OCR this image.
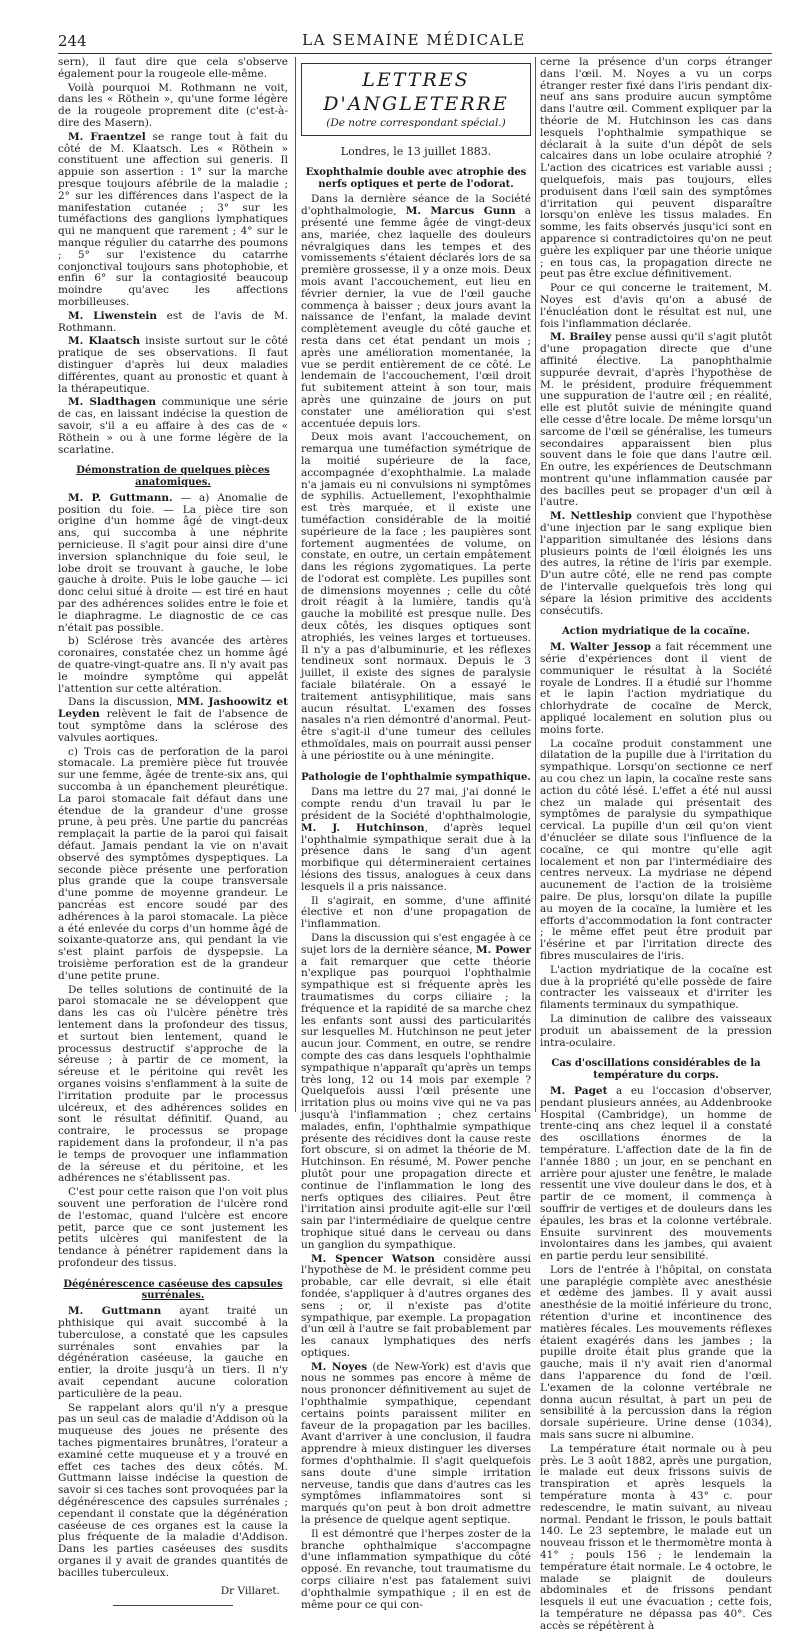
244	LA SEMAINE MÉDICALE

sern), il faut dire que cela s'observe également pour la rougeole elle-même.

Voilà pourquoi M. Rothmann ne voit, dans les « Röthein », qu'une forme légère de la rougeole proprement dite (c'est-à-dire des Masern).

M. Fraentzel se range tout à fait du côté de M. Klaatsch. Les « Röthein » constituent une affection sui generis. Il appuie son assertion : 1° sur la marche presque toujours afébrile de la maladie ; 2° sur les différences dans l'aspect de la manifestation cutanée ; 3° sur les tuméfactions des ganglions lymphatiques qui ne manquent que rarement ; 4° sur le manque régulier du catarrhe des poumons ; 5° sur l'existence du catarrhe conjonctival toujours sans photophobie, et enfin 6° sur la contagiosité beaucoup moindre qu'avec les affections morbilleuses.

M. Liwenstein est de l'avis de M. Rothmann.

M. Klaatsch insiste surtout sur le côté pratique de ses observations. Il faut distinguer d'après lui deux maladies différentes, quant au pronostic et quant à la thérapeutique.

M. Sladthagen communique une série de cas, en laissant indécise la question de savoir, s'il a eu affaire à des cas de « Röthein » ou à une forme légère de la scarlatine.

Démonstration de quelques pièces anatomiques.

M. P. Guttmann. — a) Anomalie de position du foie. — La pièce tire son origine d'un homme âgé de vingt-deux ans, qui succomba à une néphrite pernicieuse. Il s'agit pour ainsi dire d'une inversion splanchnique du foie seul, le lobe droit se trouvant à gauche, le lobe gauche à droite. Puis le lobe gauche — ici donc celui situé à droite — est tiré en haut par des adhérences solides entre le foie et le diaphragme. Le diagnostic de ce cas n'était pas possible.

b) Sclérose très avancée des artères coronaires, constatée chez un homme âgé de quatre-vingt-quatre ans. Il n'y avait pas le moindre symptôme qui appelât l'attention sur cette altération.

Dans la discussion, MM. Jashoowitz et Leyden relèvent le fait de l'absence de tout symptôme dans la sclérose des valvules aortiques.

c) Trois cas de perforation de la paroi stomacale. La première pièce fut trouvée sur une femme, âgée de trente-six ans, qui succomba à un épanchement pleurétique. La paroi stomacale fait défaut dans une étendue de la grandeur d'une grosse prune, à peu près. Une partie du pancréas remplaçait la partie de la paroi qui faisait défaut. Jamais pendant la vie on n'avait observé des symptômes dyspeptiques. La seconde pièce présente une perforation plus grande que la coupe transversale d'une pomme de moyenne grandeur. Le pancréas est encore soudé par des adhérences à la paroi stomacale. La pièce a été enlevée du corps d'un homme âgé de soixante-quatorze ans, qui pendant la vie s'est plaint parfois de dyspepsie. La troisième perforation est de la grandeur d'une petite prune.

De telles solutions de continuité de la paroi stomacale ne se développent que dans les cas où l'ulcère pénètre très lentement dans la profondeur des tissus, et surtout bien lentement, quand le processus destructif s'approche de la séreuse ; à partir de ce moment, la séreuse et le péritoine qui revêt les organes voisins s'enflamment à la suite de l'irritation produite par le processus ulcéreux, et des adhérences solides en sont le résultat définitif. Quand, au contraire, le processus se propage rapidement dans la profondeur, il n'a pas le temps de provoquer une inflammation de la séreuse et du péritoine, et les adhérences ne s'établissent pas.

C'est pour cette raison que l'on voit plus souvent une perforation de l'ulcère rond de l'estomac, quand l'ulcère est encore petit, parce que ce sont justement les petits ulcères qui manifestent de la tendance à pénétrer rapidement dans la profondeur des tissus.

Dégénérescence caséeuse des capsules surrénales.

M. Guttmann ayant traité un phthisique qui avait succombé à la tuberculose, a constaté que les capsules surrénales sont envahies par la dégénération caséeuse, la gauche en entier, la droite jusqu'à un tiers. Il n'y avait cependant aucune coloration particulière de la peau.

Se rappelant alors qu'il n'y a presque pas un seul cas de maladie d'Addison où la muqueuse des joues ne présente des taches pigmentaires brunâtres, l'orateur a examiné cette muqueuse et y a trouvé en effet ces taches des deux côtés. M. Guttmann laisse indécise la question de savoir si ces taches sont provoquées par la dégénérescence des capsules surrénales ; cependant il constate que la dégénération caséeuse de ces organes est la cause la plus fréquente de la maladie d'Addison. Dans les parties caséeuses des susdits organes il y avait de grandes quantités de bacilles tuberculeux.

Dr Villaret.
LETTRES D'ANGLETERRE
(De notre correspondant spécial.)
Londres, le 13 juillet 1883.
Exophthalmie double avec atrophie des nerfs optiques et perte de l'odorat.

Dans la dernière séance de la Société d'ophthalmologie, M. Marcus Gunn a présenté une femme âgée de vingt-deux ans, mariée, chez laquelle des douleurs névralgiques dans les tempes et des vomissements s'étaient déclarés lors de sa première grossesse, il y a onze mois. Deux mois avant l'accouchement, eut lieu en février dernier, la vue de l'œil gauche commença à baisser ; deux jours avant la naissance de l'enfant, la malade devint complètement aveugle du côté gauche et resta dans cet état pendant un mois ; après une amélioration momentanée, la vue se perdit entièrement de ce côté. Le lendemain de l'accouchement, l'œil droit fut subitement atteint à son tour, mais après une quinzaine de jours on put constater une amélioration qui s'est accentuée depuis lors.

Deux mois avant l'accouchement, on remarqua une tuméfaction symétrique de la moitié supérieure de la face, accompagnée d'exophthalmie. La malade n'a jamais eu ni convulsions ni symptômes de syphilis. Actuellement, l'exophthalmie est très marquée, et il existe une tuméfaction considérable de la moitié supérieure de la face ; les paupières sont fortement augmentées de volume, on constate, en outre, un certain empâtement dans les régions zygomatiques. La perte de l'odorat est complète. Les pupilles sont de dimensions moyennes ; celle du côté droit réagit à la lumière, tandis qu'à gauche la mobilité est presque nulle. Des deux côtés, les disques optiques sont atrophiés, les veines larges et tortueuses. Il n'y a pas d'albuminurie, et les réflexes tendineux sont normaux. Depuis le 3 juillet, il existe des signes de paralysie faciale bilatérale. On a essayé le traitement antisyphilitique, mais sans aucun résultat. L'examen des fosses nasales n'a rien démontré d'anormal. Peut-être s'agit-il d'une tumeur des cellules ethmoïdales, mais on pourrait aussi penser à une périostite ou à une méningite.

Pathologie de l'ophthalmie sympathique.

Dans ma lettre du 27 mai, j'ai donné le compte rendu d'un travail lu par le président de la Société d'ophthalmologie, M. J. Hutchinson, d'après lequel l'ophthalmie sympathique serait due à la présence dans le sang d'un agent morbifique qui détermineraient certaines lésions des tissus, analogues à ceux dans lesquels il a pris naissance.

Il s'agirait, en somme, d'une affinité élective et non d'une propagation de l'inflammation.

Dans la discussion qui s'est engagée à ce sujet lors de la dernière séance, M. Power a fait remarquer que cette théorie n'explique pas pourquoi l'ophthalmie sympathique est si fréquente après les traumatismes du corps ciliaire ; la fréquence et la rapidité de sa marche chez les enfants sont aussi des particularités sur lesquelles M. Hutchinson ne peut jeter aucun jour. Comment, en outre, se rendre compte des cas dans lesquels l'ophthalmie sympathique n'apparaît qu'après un temps très long, 12 ou 14 mois par exemple ? Quelquefois aussi l'œil présente une irritation plus ou moins vive qui ne va pas jusqu'à l'inflammation ; chez certains malades, enfin, l'ophthalmie sympathique présente des récidives dont la cause reste fort obscure, si on admet la théorie de M. Hutchinson. En résumé, M. Power penche plutôt pour une propagation directe et continue de l'inflammation le long des nerfs optiques des ciliaires. Peut être l'irritation ainsi produite agit-elle sur l'œil sain par l'intermédiaire de quelque centre trophique situé dans le cerveau ou dans un ganglion du sympathique.

M. Spencer Watson considère aussi l'hypothèse de M. le président comme peu probable, car elle devrait, si elle était fondée, s'appliquer à d'autres organes des sens ; or, il n'existe pas d'otite sympathique, par exemple. La propagation d'un œil à l'autre se fait probablement par les canaux lymphatiques des nerfs optiques.

M. Noyes (de New-York) est d'avis que nous ne sommes pas encore à même de nous prononcer définitivement au sujet de l'ophthalmie sympathique, cependant certains points paraissent militer en faveur de la propagation par les bacilles. Avant d'arriver à une conclusion, il faudra apprendre à mieux distinguer les diverses formes d'ophthalmie. Il s'agit quelquefois sans doute d'une simple irritation nerveuse, tandis que dans d'autres cas les symptômes inflammatoires sont si marqués qu'on peut à bon droit admettre la présence de quelque agent septique.

Il est démontré que l'herpes zoster de la branche ophthalmique s'accompagne d'une inflammation sympathique du côté opposé. En revanche, tout traumatisme du corps ciliaire n'est pas fatalement suivi d'ophthalmie sympathique ; il en est de même pour ce qui con-

cerne la présence d'un corps étranger dans l'œil. M. Noyes a vu un corps étranger rester fixé dans l'iris pendant dix-neuf ans sans produire aucun symptôme dans l'autre œil. Comment expliquer par la théorie de M. Hutchinson les cas dans lesquels l'ophthalmie sympathique se déclarait à la suite d'un dépôt de sels calcaires dans un lobe oculaire atrophié ? L'action des cicatrices est variable aussi ; quelquefois, mais pas toujours, elles produisent dans l'œil sain des symptômes d'irritation qui peuvent disparaître lorsqu'on enlève les tissus malades. En somme, les faits observés jusqu'ici sont en apparence si contradictoires qu'on ne peut guère les expliquer par une théorie unique ; en tous cas, la propagation directe ne peut pas être exclue définitivement.

Pour ce qui concerne le traitement, M. Noyes est d'avis qu'on a abusé de l'énucléation dont le résultat est nul, une fois l'inflammation déclarée.

M. Brailey pense aussi qu'il s'agit plutôt d'une propagation directe que d'une affinité élective. La panophthalmie suppurée devrait, d'après l'hypothèse de M. le président, produire fréquemment une suppuration de l'autre œil ; en réalité, elle est plutôt suivie de méningite quand elle cesse d'être locale. De même lorsqu'un sarcome de l'œil se généralise, les tumeurs secondaires apparaissent bien plus souvent dans le foie que dans l'autre œil. En outre, les expériences de Deutschmann montrent qu'une inflammation causée par des bacilles peut se propager d'un œil à l'autre.

M. Nettleship convient que l'hypothèse d'une injection par le sang explique bien l'apparition simultanée des lésions dans plusieurs points de l'œil éloignés les uns des autres, la rétine de l'iris par exemple. D'un autre côté, elle ne rend pas compte de l'intervalle quelquefois très long qui sépare la lésion primitive des accidents consécutifs.

Action mydriatique de la cocaïne.

M. Walter Jessop a fait récemment une série d'expériences dont il vient de communiquer le résultat à la Société royale de Londres. Il a étudié sur l'homme et le lapin l'action mydriatique du chlorhydrate de cocaïne de Merck, appliqué localement en solution plus ou moins forte.

La cocaïne produit constamment une dilatation de la pupille due à l'irritation du sympathique. Lorsqu'on sectionne ce nerf au cou chez un lapin, la cocaïne reste sans action du côté lésé. L'effet a été nul aussi chez un malade qui présentait des symptômes de paralysie du sympathique cervical. La pupille d'un œil qu'on vient d'énucléer se dilate sous l'influence de la cocaïne, ce qui montre qu'elle agit localement et non par l'intermédiaire des centres nerveux. La mydriase ne dépend aucunement de l'action de la troisième paire. De plus, lorsqu'on dilate la pupille au moyen de la cocaïne, la lumière et les efforts d'accommodation la font contracter ; le même effet peut être produit par l'ésérine et par l'irritation directe des fibres musculaires de l'iris.

L'action mydriatique de la cocaïne est due à la propriété qu'elle possède de faire contracter les vaisseaux et d'irriter les filaments terminaux du sympathique.

La diminution de calibre des vaisseaux produit un abaissement de la pression intra-oculaire.

Cas d'oscillations considérables de la température du corps.

M. Paget a eu l'occasion d'observer, pendant plusieurs années, au Addenbrooke Hospital (Cambridge), un homme de trente-cinq ans chez lequel il a constaté des oscillations énormes de la température. L'affection date de la fin de l'année 1880 ; un jour, en se penchant en arrière pour ajuster une fenêtre, le malade ressentit une vive douleur dans le dos, et à partir de ce moment, il commença à souffrir de vertiges et de douleurs dans les épaules, les bras et la colonne vertébrale. Ensuite survinrent des mouvements involontaires dans les jambes, qui avaient en partie perdu leur sensibilité.

Lors de l'entrée à l'hôpital, on constata une paraplégie complète avec anesthésie et œdème des jambes. Il y avait aussi anesthésie de la moitié inférieure du tronc, rétention d'urine et incontinence des matières fécales. Les mouvements réflexes étaient exagérés dans les jambes ; la pupille droite était plus grande que la gauche, mais il n'y avait rien d'anormal dans l'apparence du fond de l'œil. L'examen de la colonne vertébrale ne donna aucun résultat, à part un peu de sensibilité à la percussion dans la région dorsale supérieure. Urine dense (1034), mais sans sucre ni albumine.

La température était normale ou à peu près. Le 3 août 1882, après une purgation, le malade eut deux frissons suivis de transpiration et après lesquels la température monta à 43° c. pour redescendre, le matin suivant, au niveau normal. Pendant le frisson, le pouls battait 140. Le 23 septembre, le malade eut un nouveau frisson et le thermomètre monta à 41° ; pouls 156 ; le lendemain la température était normale. Le 4 octobre, le malade se plaignit de douleurs abdominales et de frissons pendant lesquels il eut une évacuation ; cette fois, la température ne dépassa pas 40°. Ces accès se répétèrent à
